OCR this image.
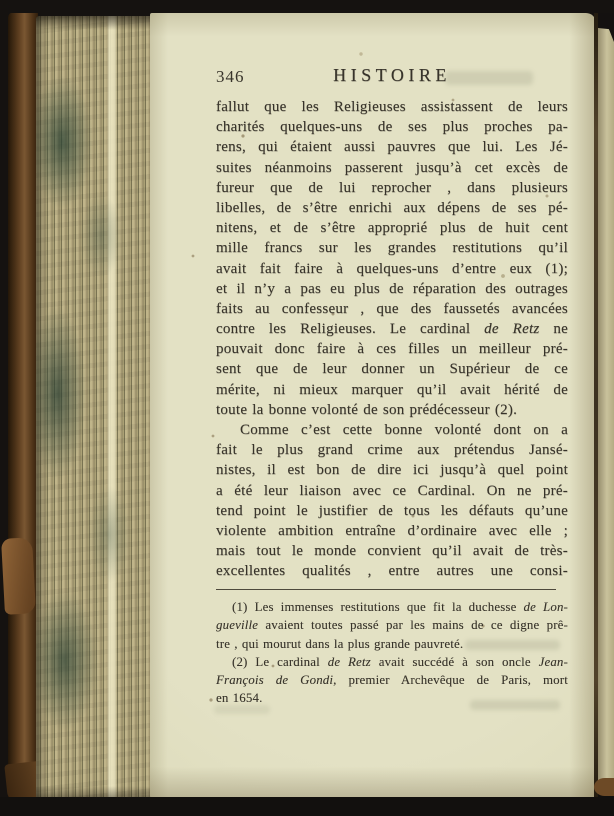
346	HISTOIRE
fallut que les Religieuses assistassent de leurs
charités quelques-uns de ses plus proches pa-
rens, qui étaient aussi pauvres que lui. Les Jé-
suites néanmoins passerent jusqu’à cet excès de
fureur que de lui reprocher , dans plusieurs
libelles, de s’être enrichi aux dépens de ses pé-
nitens, et de s’être approprié plus de huit cent
mille francs sur les grandes restitutions qu’il
avait fait faire à quelques-uns d’entre eux (1);
et il n’y a pas eu plus de réparation des outrages
faits au confesseur , que des faussetés avancées
contre les Religieuses. Le cardinal de Retz ne
pouvait donc faire à ces filles un meilleur pré-
sent que de leur donner un Supérieur de ce
mérite, ni mieux marquer qu’il avait hérité de
toute la bonne volonté de son prédécesseur (2).
Comme c’est cette bonne volonté dont on a
fait le plus grand crime aux prétendus Jansé-
nistes, il est bon de dire ici jusqu’à quel point
a été leur liaison avec ce Cardinal. On ne pré-
tend point le justifier de tous les défauts qu’une
violente ambition entraîne d’ordinaire avec elle ;
mais tout le monde convient qu’il avait de très-
excellentes qualités , entre autres une consi-
(1) Les immenses restitutions que fit la duchesse de Lon-
gueville avaient toutes passé par les mains de ce digne prê-
tre , qui mourut dans la plus grande pauvreté.
(2) Le cardinal de Retz avait succédé à son oncle Jean-
François de Gondi, premier Archevêque de Paris, mort
en 1654.
